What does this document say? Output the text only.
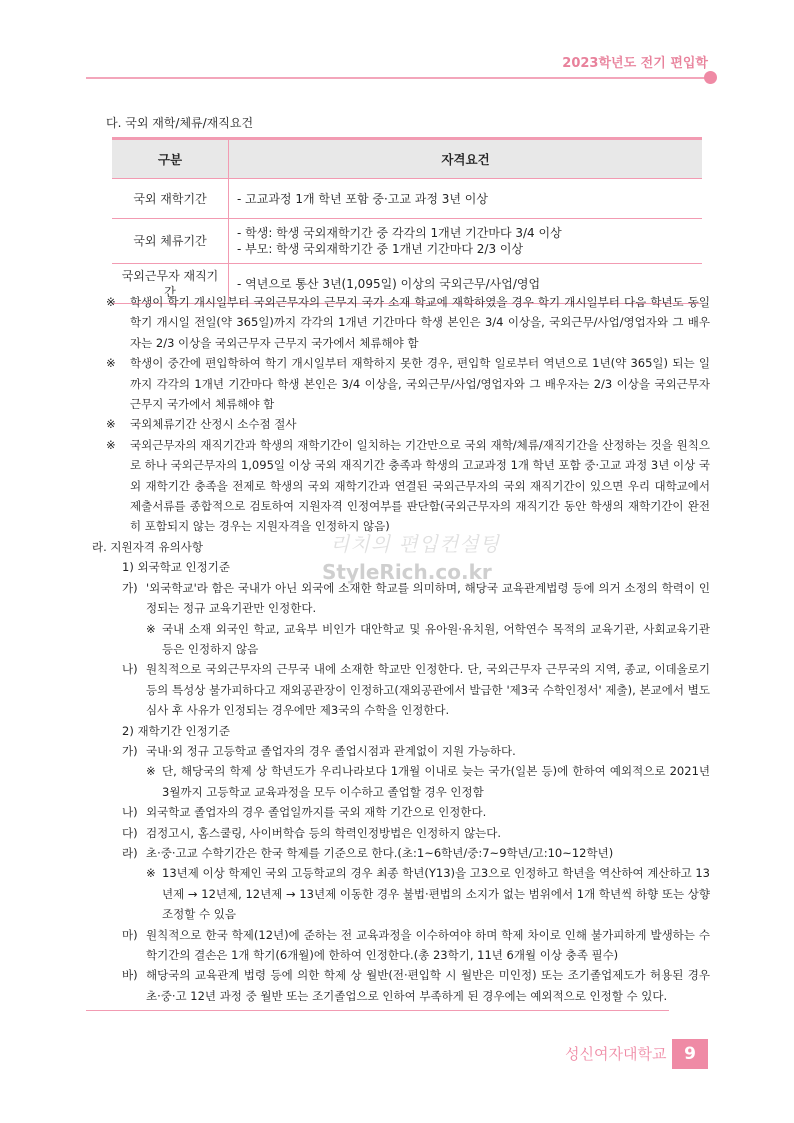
2023학년도 전기 편입학
다. 국외 재학/체류/재직요건
구분	자격요건
국외 재학기간	- 고교과정 1개 학년 포함 중·고교 과정 3년 이상

국외 체류기간	- 학생: 학생 국외재학기간 중 각각의 1개년 기간마다 3/4 이상
- 부모: 학생 국외재학기간 중 1개년 기간마다 2/3 이상

국외근무자 재직기간	- 역년으로 통산 3년(1,095일) 이상의 국외근무/사업/영업
※ 학생이 학기 개시일부터 국외근무자의 근무지 국가 소재 학교에 재학하였을 경우 학기 개시일부터 다음 학년도 동일 학기 개시일 전일(약 365일)까지 각각의 1개년 기간마다 학생 본인은 3/4 이상을, 국외근무/사업/영업자와 그 배우자는 2/3 이상을 국외근무자 근무지 국가에서 체류해야 함
※ 학생이 중간에 편입학하여 학기 개시일부터 재학하지 못한 경우, 편입학 일로부터 역년으로 1년(약 365일) 되는 일까지 각각의 1개년 기간마다 학생 본인은 3/4 이상을, 국외근무/사업/영업자와 그 배우자는 2/3 이상을 국외근무자 근무지 국가에서 체류해야 함
※ 국외체류기간 산정시 소수점 절사
※ 국외근무자의 재직기간과 학생의 재학기간이 일치하는 기간만으로 국외 재학/체류/재직기간을 산정하는 것을 원칙으로 하나 국외근무자의 1,095일 이상 국외 재직기간 충족과 학생의 고교과정 1개 학년 포함 중·고교 과정 3년 이상 국외 재학기간 충족을 전제로 학생의 국외 재학기간과 연결된 국외근무자의 국외 재직기간이 있으면 우리 대학교에서 제출서류를 종합적으로 검토하여 지원자격 인정여부를 판단함(국외근무자의 재직기간 동안 학생의 재학기간이 완전히 포함되지 않는 경우는 지원자격을 인정하지 않음)
라. 지원자격 유의사항
1) 외국학교 인정기준
가) '외국학교'라 함은 국내가 아닌 외국에 소재한 학교를 의미하며, 해당국 교육관계법령 등에 의거 소정의 학력이 인정되는 정규 교육기관만 인정한다.
※ 국내 소재 외국인 학교, 교육부 비인가 대안학교 및 유아원·유치원, 어학연수 목적의 교육기관, 사회교육기관 등은 인정하지 않음
나) 원칙적으로 국외근무자의 근무국 내에 소재한 학교만 인정한다. 단, 국외근무자 근무국의 지역, 종교, 이데올로기 등의 특성상 불가피하다고 재외공관장이 인정하고(재외공관에서 발급한 '제3국 수학인정서' 제출), 본교에서 별도 심사 후 사유가 인정되는 경우에만 제3국의 수학을 인정한다.
2) 재학기간 인정기준
가) 국내·외 정규 고등학교 졸업자의 경우 졸업시점과 관계없이 지원 가능하다.
※ 단, 해당국의 학제 상 학년도가 우리나라보다 1개월 이내로 늦는 국가(일본 등)에 한하여 예외적으로 2021년 3월까지 고등학교 교육과정을 모두 이수하고 졸업할 경우 인정함
나) 외국학교 졸업자의 경우 졸업일까지를 국외 재학 기간으로 인정한다.
다) 검정고시, 홈스쿨링, 사이버학습 등의 학력인정방법은 인정하지 않는다.
라) 초·중·고교 수학기간은 한국 학제를 기준으로 한다.(초:1~6학년/중:7~9학년/고:10~12학년)
※ 13년제 이상 학제인 국외 고등학교의 경우 최종 학년(Y13)을 고3으로 인정하고 학년을 역산하여 계산하고 13년제 → 12년제, 12년제 → 13년제 이동한 경우 불법·편법의 소지가 없는 범위에서 1개 학년씩 하향 또는 상향 조정할 수 있음
마) 원칙적으로 한국 학제(12년)에 준하는 전 교육과정을 이수하여야 하며 학제 차이로 인해 불가피하게 발생하는 수학기간의 결손은 1개 학기(6개월)에 한하여 인정한다.(총 23학기, 11년 6개월 이상 충족 필수)
바) 해당국의 교육관계 법령 등에 의한 학제 상 월반(전·편입학 시 월반은 미인정) 또는 조기졸업제도가 허용된 경우 초·중·고 12년 과정 중 월반 또는 조기졸업으로 인하여 부족하게 된 경우에는 예외적으로 인정할 수 있다.
리치의 편입컨설팅
StyleRich.co.kr
성신여자대학교	9
